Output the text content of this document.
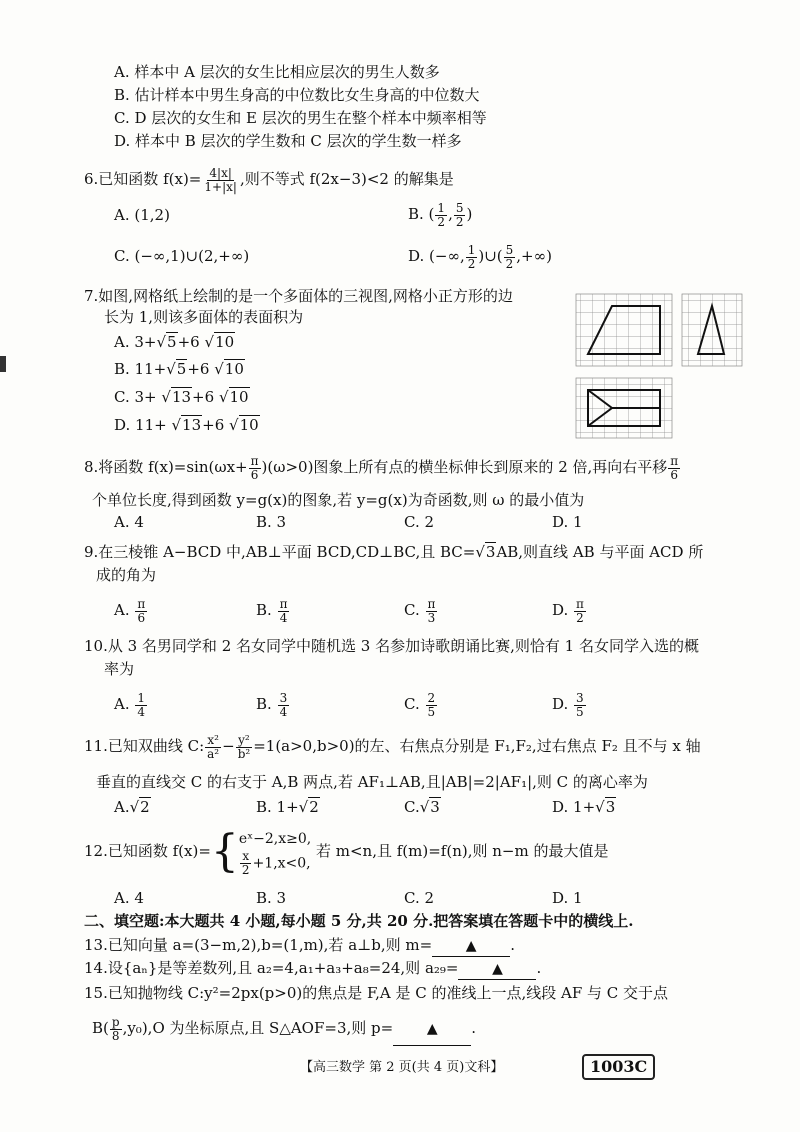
A. 样本中 A 层次的女生比相应层次的男生人数多
B. 估计样本中男生身高的中位数比女生身高的中位数大
C. D 层次的女生和 E 层次的男生在整个样本中频率相等
D. 样本中 B 层次的学生数和 C 层次的学生数一样多
6.已知函数 $f(x)= \frac{4|x|}{1+|x|}$ ,则不等式 f(2x−3)<2 的解集是
A. (1,2)	B. ( $\frac{1}{2}$ , $\frac{5}{2}$ )
C. (−∞,1)∪(2,+∞)	D. (−∞, $\frac{1}{2}$ )∪( $\frac{5}{2}$ ,+∞)
7.如图,网格纸上绘制的是一个多面体的三视图,网格小正方形的边
长为 1,则该多面体的表面积为
A. 3+√5+6 √10
B. 11+√5+6 √10
C. 3+ √13+6 √10
D. 11+ √13+6 √10
8.将函数 $f(x)=\sin(\omega x+ \frac{\pi}{6} )(\omega>0)$图象上所有点的横坐标伸长到原来的 2 倍,再向右平移 $\frac{\pi}{6}$
个单位长度,得到函数 y=g(x)的图象,若 y=g(x)为奇函数,则 ω 的最小值为
A. 4	B. 3	C. 2	D. 1
9.在三棱锥 A−BCD 中,AB⊥平面 BCD,CD⊥BC,且 BC=√3AB,则直线 AB 与平面 ACD 所
成的角为
A. $\frac{\pi}{6}$	B. $\frac{\pi}{4}$	C. $\frac{\pi}{3}$	D. $\frac{\pi}{2}$
10.从 3 名男同学和 2 名女同学中随机选 3 名参加诗歌朗诵比赛,则恰有 1 名女同学入选的概
率为
A. $\frac{1}{4}$	B. $\frac{3}{4}$	C. $\frac{2}{5}$	D. $\frac{3}{5}$
11.已知双曲线 C: $\frac{\text{x²}}{\text{a²}} - \frac{\text{y²}}{\text{b²}} =1(a>0,b>0)$的左、右焦点分别是 F₁,F₂,过右焦点 F₂ 且不与 x 轴
垂直的直线交 C 的右支于 A,B 两点,若 AF₁⊥AB,且|AB|=2|AF₁|,则 C 的离心率为
A.√2	B. 1+√2	C.√3	D. 1+√3
12.已知函数 f(x)={ eˣ−2,x≥0,
$\frac{x}{2} +1,x<0$,
若 m<n,且 f(m)=f(n),则 n−m 的最大值是
A. 4	B. 3	C. 2	D. 1
二、填空题:本大题共 4 小题,每小题 5 分,共 20 分.把答案填在答题卡中的横线上.
13.已知向量 a=(3−m,2),b=(1,m),若 a⊥b,则 m= ▲ .
14.设{aₙ}是等差数列,且 a₂=4,a₁+a₃+a₈=24,则 a₂₉= ▲ .
15.已知抛物线 C:y²=2px(p>0)的焦点是 F,A 是 C 的准线上一点,线段 AF 与 C 交于点
$B( \frac{p}{8} ,y_0),O$ 为坐标原点,且 S△AOF=3,则 p= ▲ .
【高三数学 第 2 页(共 4 页)文科】	1003C
